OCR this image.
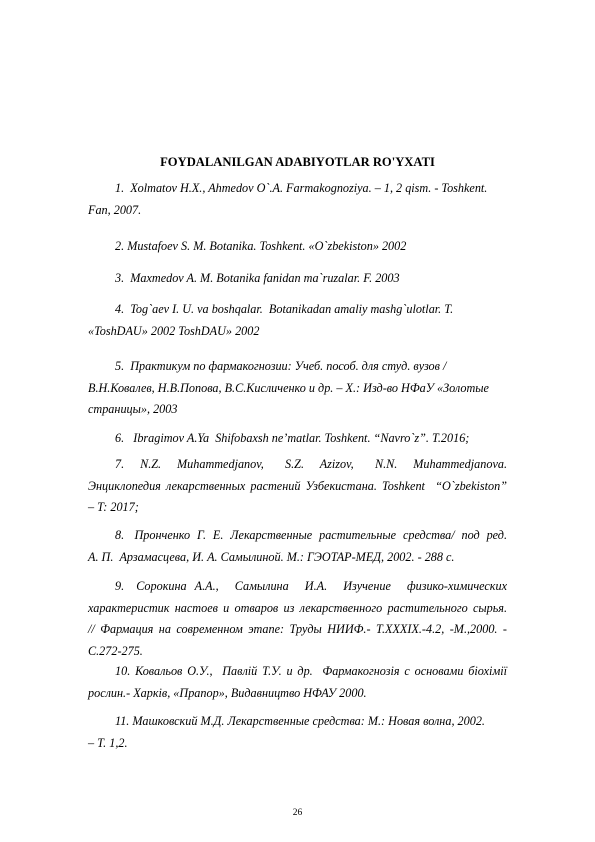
FOYDALANILGAN ADABIYOTLAR RO'YXATI
1.  Xolmatov H.X., Ahmedov O`.A. Farmakognoziya. – 1, 2 qism. - Toshkent.
Fan, 2007.
2. Mustafoev S. M. Botanika. Toshkent. «O`zbekiston» 2002
3.  Maxmedov A. M. Botanika fanidan ma`ruzalar. F. 2003
4.  Tog`aev I. U. va boshqalar.  Botanikadan amaliy mashg`ulotlar. T.
«ToshDAU» 2002 ToshDAU» 2002
5.  Практикум по фармакогнозии: Учеб. пособ. для студ. вузов /
В.Н.Ковалев, Н.В.Попова, В.С.Кисличенко и др. – Х.: Изд-во НФаУ «Золотые
страницы», 2003
6.   Ibragimov A.Ya  Shifobaxsh ne’matlar. Toshkent. “Navro`z”. T.2016;
7.   N.Z.   Muhammedjanov,    S.Z.   Azizov,    N.N.   Muhammedjanova.
Энциклопедия лекарственных растений Узбекистана. Toshkent  “O`zbekiston”
– T: 2017;
8.   Пронченко  Г.  Е.  Лекарственные  растительные  средства/  под  ред.
А. П.  Арзамасцева, И. А. Самылиной. М.: ГЭОТАР-МЕД, 2002. - 288 с.
9.   Сорокина  А.А.,    Самылина    И.А.    Изучение    физико-химических
характеристик настоев и отваров из лекарственного растительного сырья.
// Фармация на современном этапе: Труды НИИФ.- Т.XXXIX.-4.2, -М.,2000. -
С.272-275.
10. Ковальов О.У.,  Павлій Т.У. и др.  Фармакогнозія с основами біохімії
рослин.- Харків, «Прапор», Видавництво НФАУ 2000.
11. Машковский М.Д. Лекарственные средства: М.: Новая волна, 2002.
– Т. 1,2.
26
